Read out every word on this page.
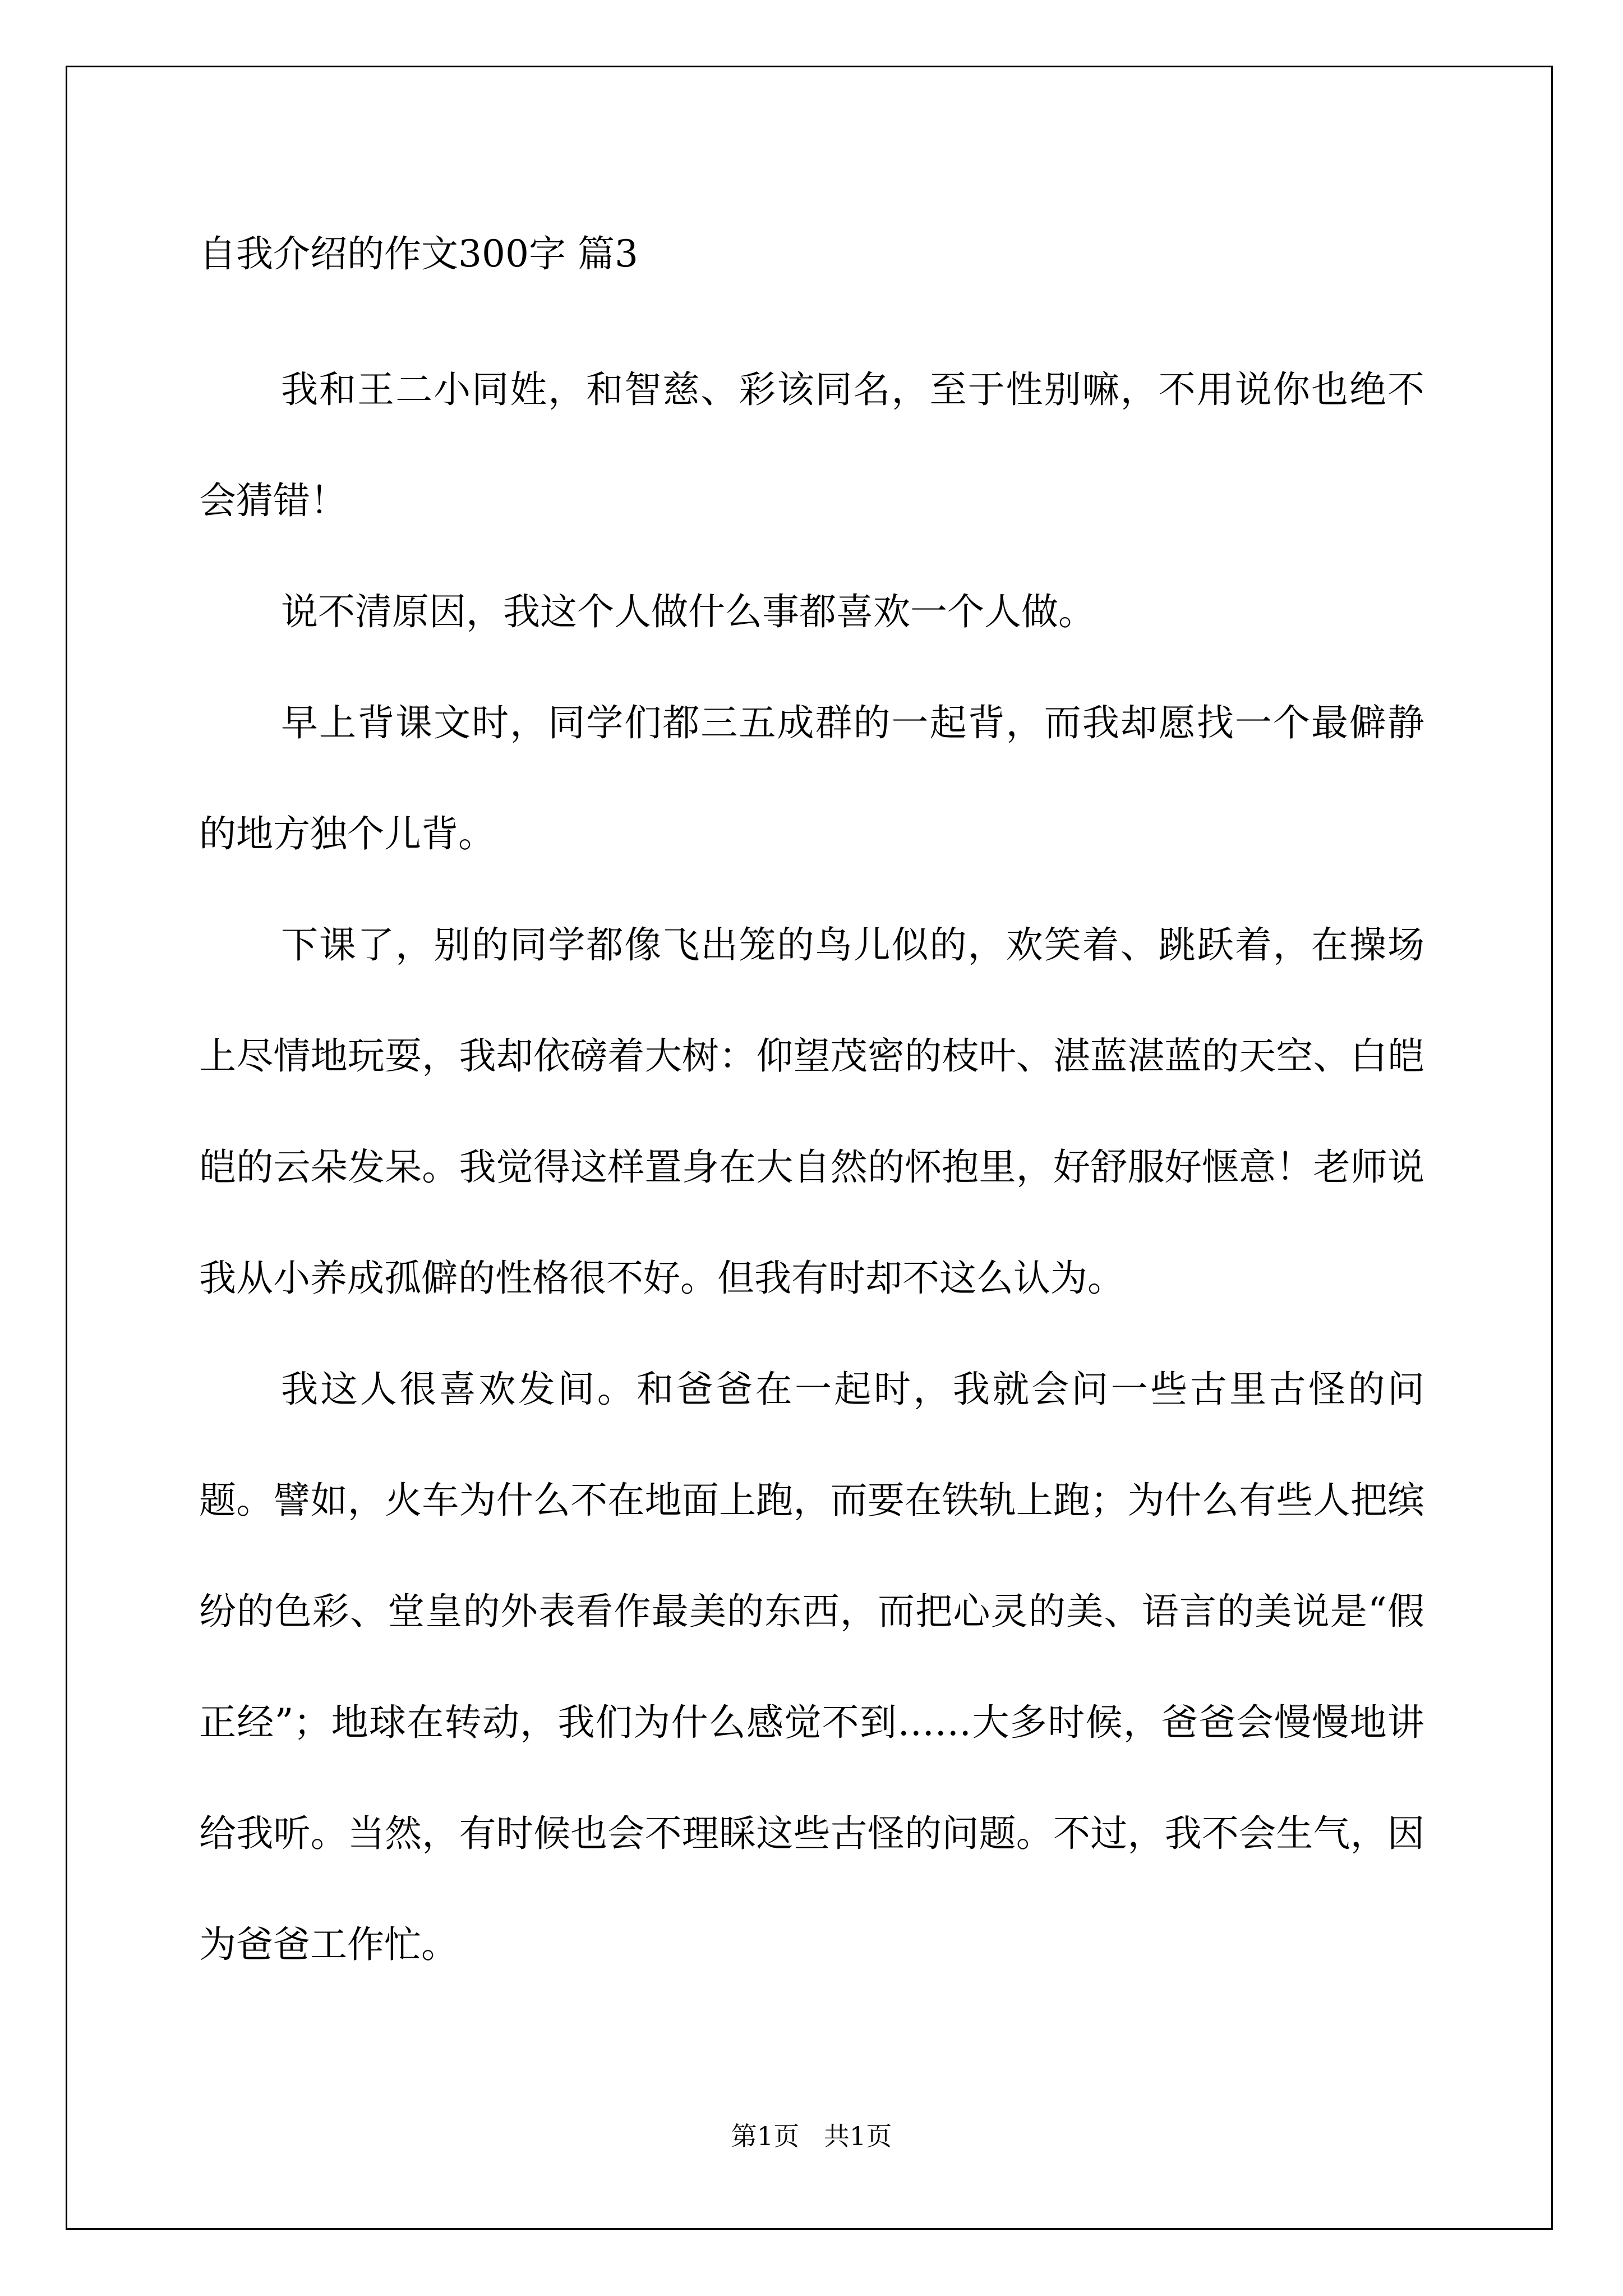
自我介绍的作文300字 篇3

我和王二小同姓，和智慈、彩该同名，至于性别嘛，不用说你也绝不会猜错！

说不清原因，我这个人做什么事都喜欢一个人做。

早上背课文时，同学们都三五成群的一起背，而我却愿找一个最僻静的地方独个儿背。

下课了，别的同学都像飞出笼的鸟儿似的，欢笑着、跳跃着，在操场上尽情地玩耍，我却依磅着大树：仰望茂密的枝叶、湛蓝湛蓝的天空、白皑皑的云朵发呆。我觉得这样置身在大自然的怀抱里，好舒服好惬意！老师说我从小养成孤僻的性格很不好。但我有时却不这么认为。

我这人很喜欢发间。和爸爸在一起时，我就会问一些古里古怪的问题。譬如，火车为什么不在地面上跑，而要在铁轨上跑；为什么有些人把缤纷的色彩、堂皇的外表看作最美的东西，而把心灵的美、语言的美说是“假正经”；地球在转动，我们为什么感觉不到……大多时候，爸爸会慢慢地讲给我听。当然，有时候也会不理睬这些古怪的问题。不过，我不会生气，因为爸爸工作忙。

第1页   共1页
